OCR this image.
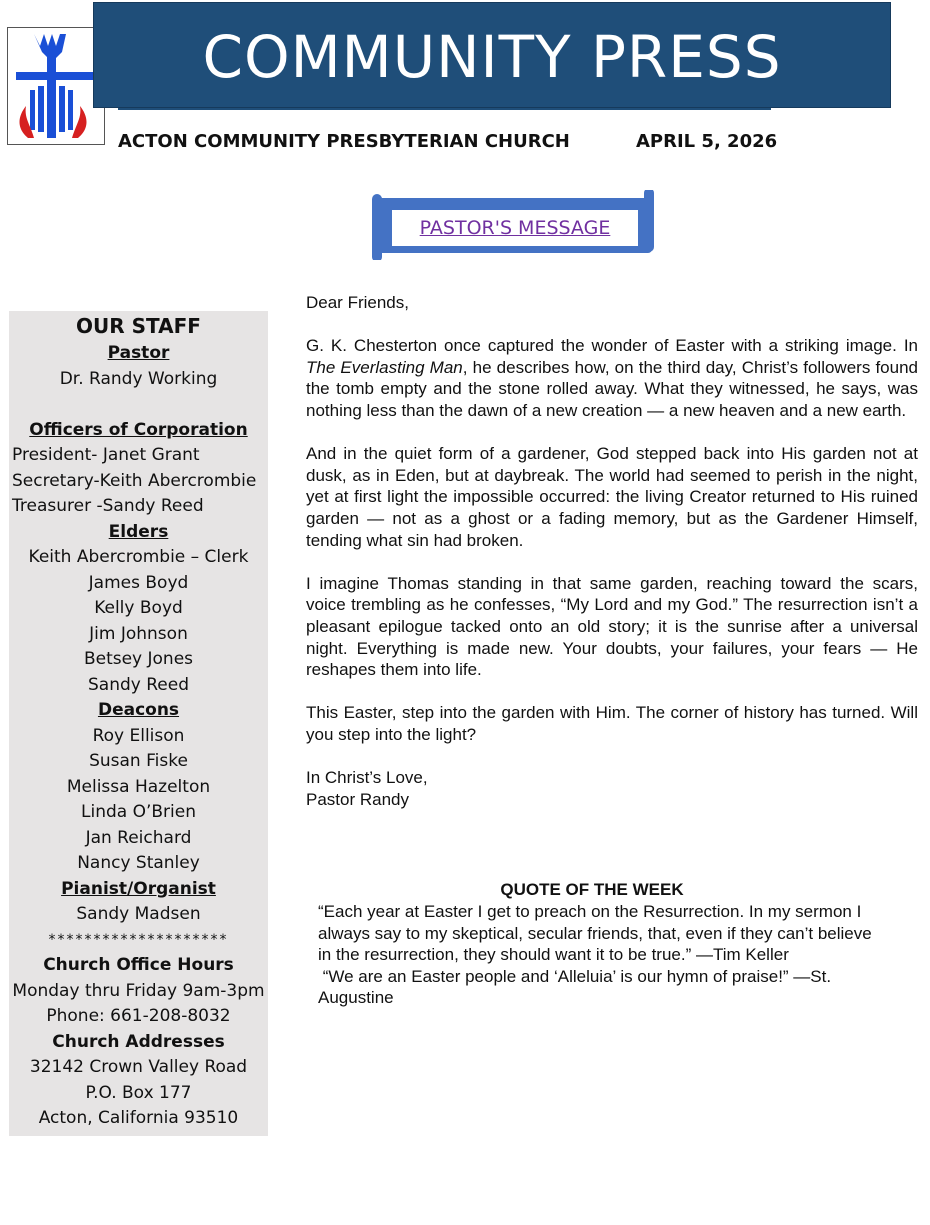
COMMUNITY PRESS
ACTON COMMUNITY PRESBYTERIAN CHURCH	APRIL 5, 2026
PASTOR'S MESSAGE
OUR STAFF
Pastor
Dr. Randy Working
Officers of Corporation
President- Janet Grant
Secretary-Keith Abercrombie
Treasurer -Sandy Reed
Elders
Keith Abercrombie – Clerk
James Boyd
Kelly Boyd
Jim Johnson
Betsey Jones
Sandy Reed
Deacons
Roy Ellison
Susan Fiske
Melissa Hazelton
Linda O’Brien
Jan Reichard
Nancy Stanley
Pianist/Organist
Sandy Madsen
********************
Church Office Hours
Monday thru Friday 9am-3pm
Phone: 661-208-8032
Church Addresses
32142 Crown Valley Road
P.O. Box 177
Acton, California 93510

Dear Friends,

G. K. Chesterton once captured the wonder of Easter with a striking image. In The Everlasting Man, he describes how, on the third day, Christ’s followers found the tomb empty and the stone rolled away. What they witnessed, he says, was nothing less than the dawn of a new creation — a new heaven and a new earth.

And in the quiet form of a gardener, God stepped back into His garden not at dusk, as in Eden, but at daybreak. The world had seemed to perish in the night, yet at first light the impossible occurred: the living Creator returned to His ruined garden — not as a ghost or a fading memory, but as the Gardener Himself, tending what sin had broken.

I imagine Thomas standing in that same garden, reaching toward the scars, voice trembling as he confesses, “My Lord and my God.” The resurrection isn’t a pleasant epilogue tacked onto an old story; it is the sunrise after a universal night. Everything is made new. Your doubts, your failures, your fears — He reshapes them into life.

This Easter, step into the garden with Him. The corner of history has turned. Will you step into the light?

In Christ’s Love,

Pastor Randy

QUOTE OF THE WEEK

“Each year at Easter I get to preach on the Resurrection. In my sermon I always say to my skeptical, secular friends, that, even if they can’t believe in the resurrection, they should want it to be true.” —Tim Keller

“We are an Easter people and ‘Alleluia’ is our hymn of praise!” —St. Augustine
